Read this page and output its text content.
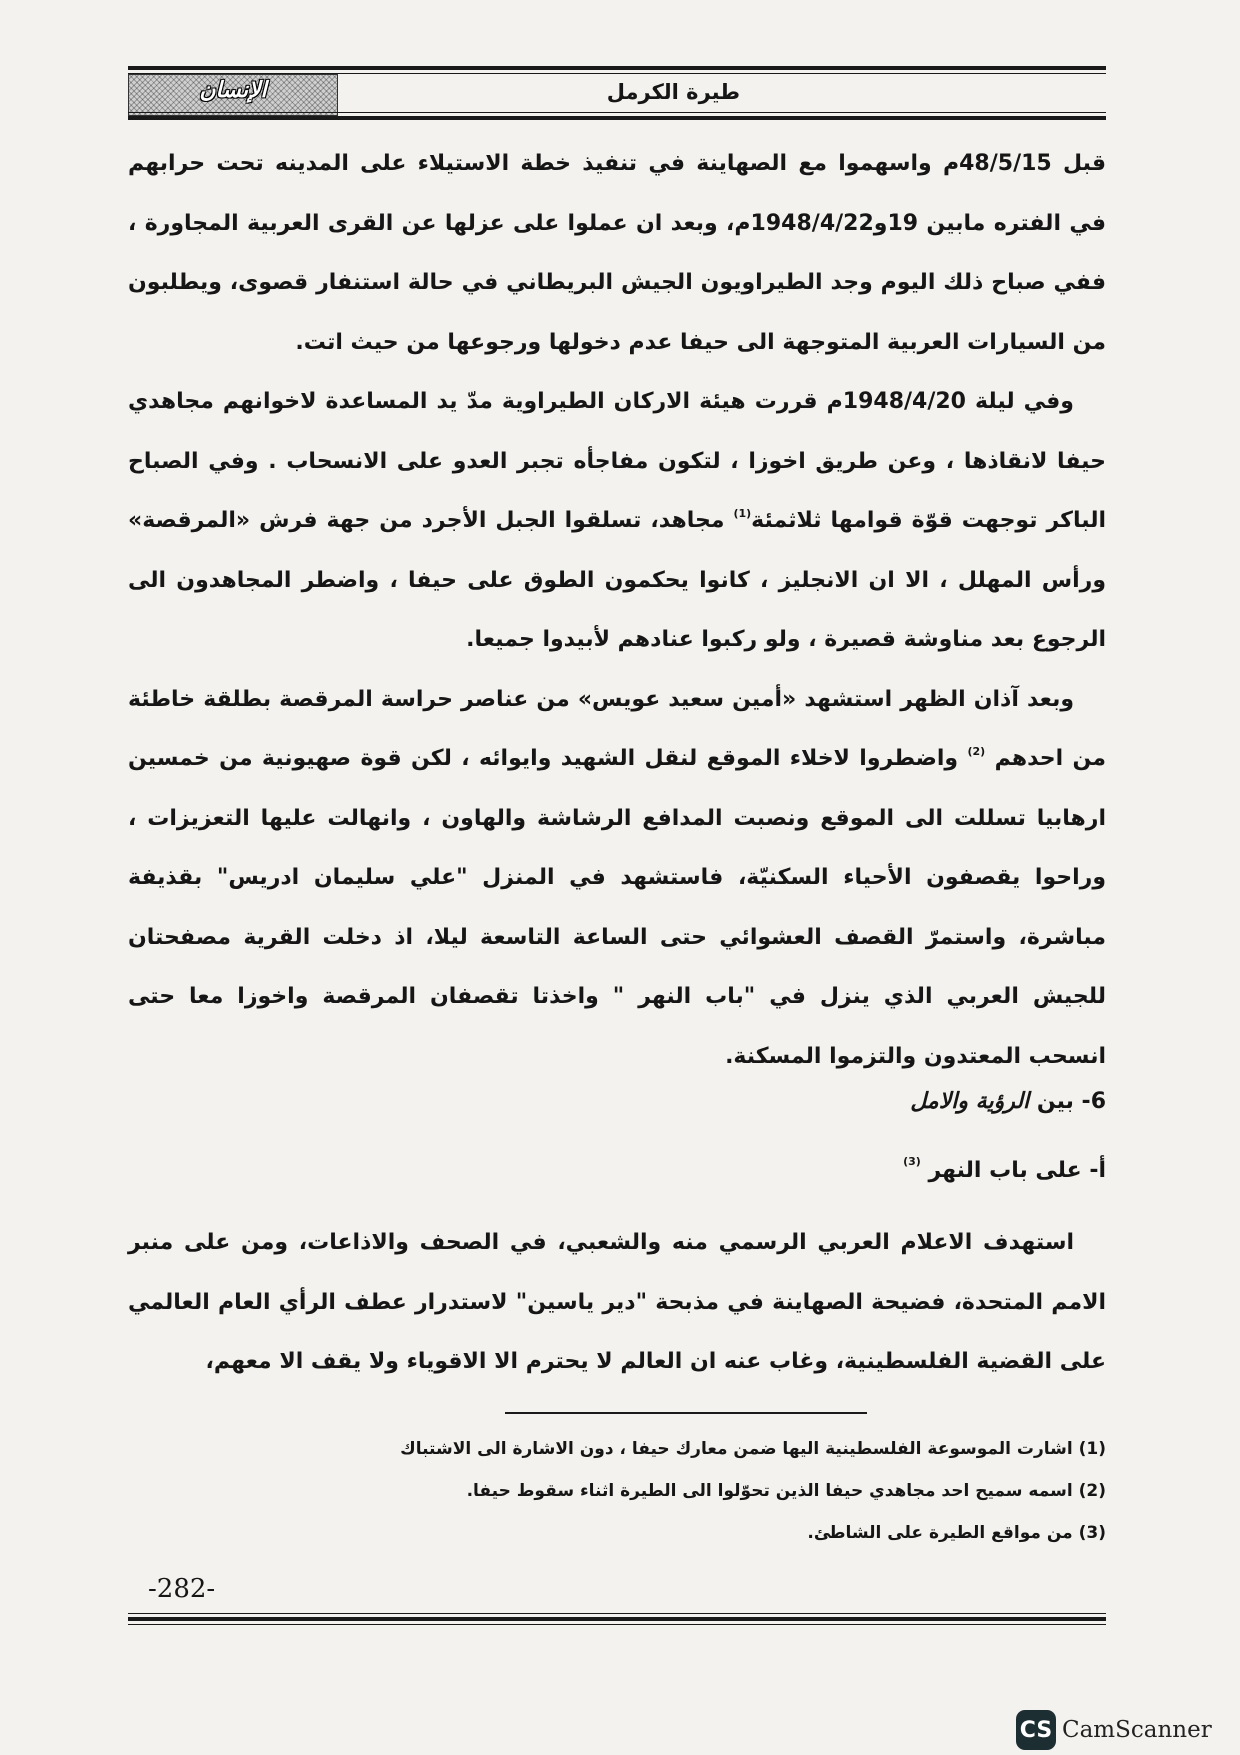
الإنسان	طيرة الكرمل

قبل 48/5/15م واسهموا مع الصهاينة في تنفيذ خطة الاستيلاء على المدينه تحت حرابهم في الفتره مابين 19و1948/4/22م، وبعد ان عملوا على عزلها عن القرى العربية المجاورة ، ففي صباح ذلك اليوم وجد الطيراويون الجيش البريطاني في حالة استنفار قصوى، ويطلبون من السيارات العربية المتوجهة الى حيفا عدم دخولها ورجوعها من حيث اتت.

وفي ليلة 1948/4/20م قررت هيئة الاركان الطيراوية مدّ يد المساعدة لاخوانهم مجاهدي حيفا لانقاذها ، وعن طريق اخوزا ، لتكون مفاجأه تجبر العدو على الانسحاب . وفي الصباح الباكر توجهت قوّة قوامها ثلاثمئة$^{(1)}$ مجاهد، تسلقوا الجبل الأجرد من جهة فرش «المرقصة» ورأس المهلل ، الا ان الانجليز ، كانوا يحكمون الطوق على حيفا ، واضطر المجاهدون الى الرجوع بعد مناوشة قصيرة ، ولو ركبوا عنادهم لأبيدوا جميعا.

وبعد آذان الظهر استشهد «أمين سعيد عويس» من عناصر حراسة المرقصة بطلقة خاطئة من احدهم $^{(2)}$ واضطروا لاخلاء الموقع لنقل الشهيد وايوائه ، لكن قوة صهيونية من خمسين ارهابيا تسللت الى الموقع ونصبت المدافع الرشاشة والهاون ، وانهالت عليها التعزيزات ، وراحوا يقصفون الأحياء السكنيّة، فاستشهد في المنزل "علي سليمان ادريس" بقذيفة مباشرة، واستمرّ القصف العشوائي حتى الساعة التاسعة ليلا، اذ دخلت القرية مصفحتان للجيش العربي الذي ينزل في "باب النهر " واخذتا تقصفان المرقصة واخوزا معا حتى انسحب المعتدون والتزموا المسكنة.

6- بين الرؤية والامل
أ- على باب النهر $^{(3)}$

استهدف الاعلام العربي الرسمي منه والشعبي، في الصحف والاذاعات، ومن على منبر الامم المتحدة، فضيحة الصهاينة في مذبحة "دير ياسين" لاستدرار عطف الرأي العام العالمي على القضية الفلسطينية، وغاب عنه ان العالم لا يحترم الا الاقوياء ولا يقف الا معهم،

(1) اشارت الموسوعة الفلسطينية اليها ضمن معارك حيفا ، دون الاشارة الى الاشتباك
(2) اسمه سميح احد مجاهدي حيفا الذين تحوّلوا الى الطيرة اثناء سقوط حيفا.
(3) من مواقع الطيرة على الشاطئ.
-282-
CS CamScanner
